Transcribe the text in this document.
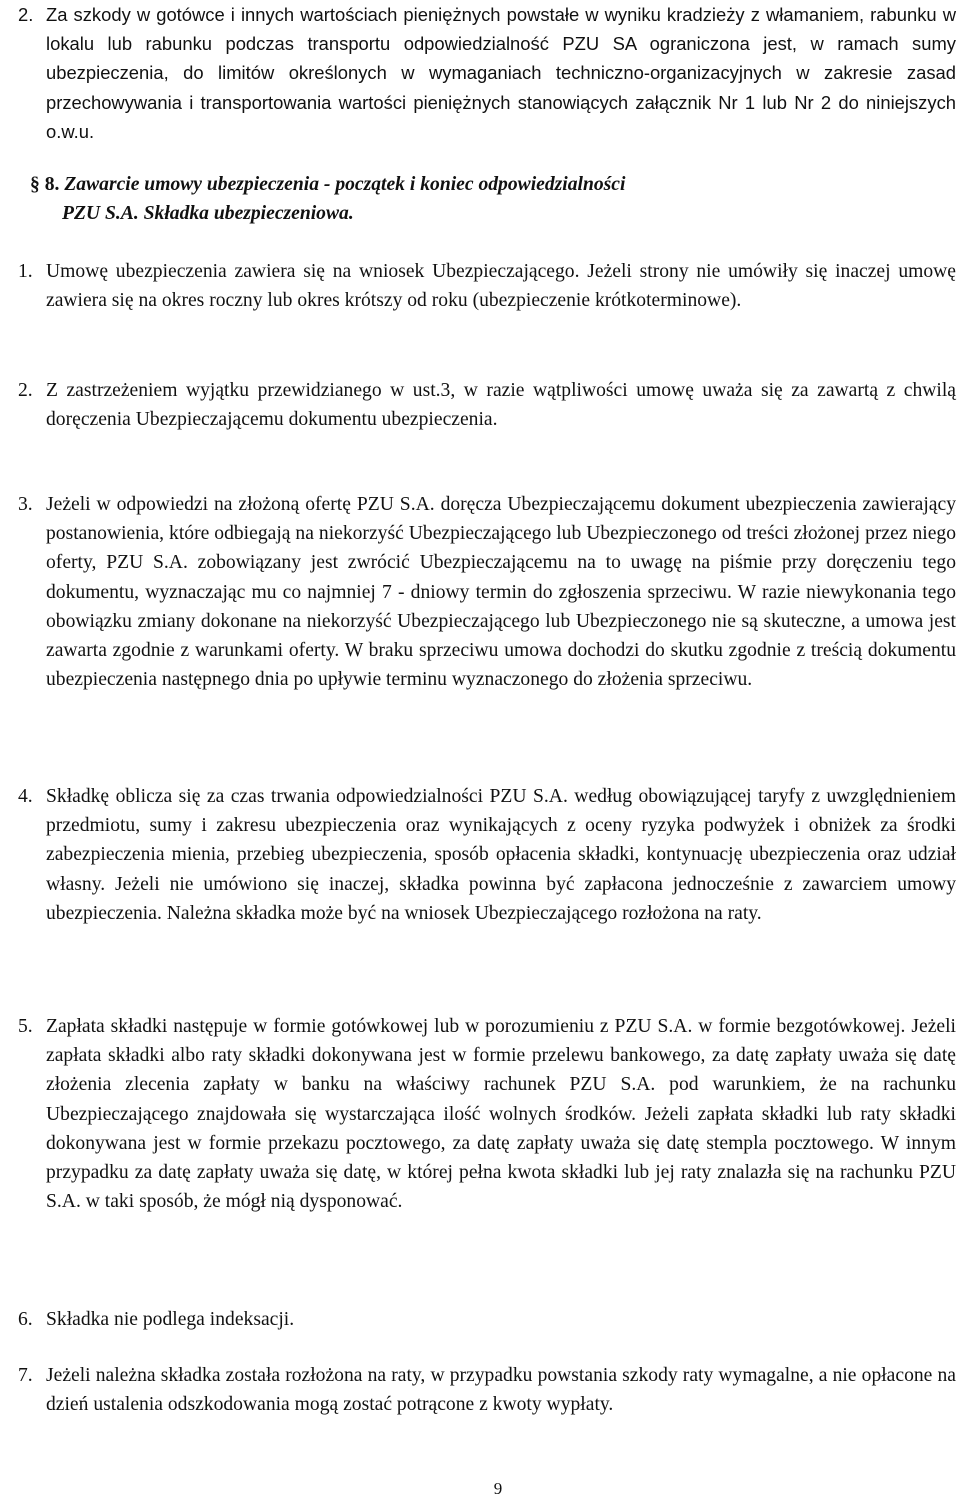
2. Za szkody w gotówce i innych wartościach pieniężnych powstałe w wyniku kradzieży z włamaniem, rabunku w lokalu lub rabunku podczas transportu odpowiedzialność PZU SA ograniczona jest, w ramach sumy ubezpieczenia, do limitów określonych w wymaganiach techniczno-organizacyjnych w zakresie zasad przechowywania i transportowania wartości pieniężnych stanowiących załącznik Nr 1 lub Nr 2 do niniejszych o.w.u.
§ 8. Zawarcie umowy ubezpieczenia - początek i koniec odpowiedzialności
PZU S.A. Składka ubezpieczeniowa.
1. Umowę ubezpieczenia zawiera się na wniosek Ubezpieczającego. Jeżeli strony nie umówiły się inaczej umowę zawiera się na okres roczny lub okres krótszy od roku (ubezpieczenie krótkoterminowe).
2. Z zastrzeżeniem wyjątku przewidzianego w ust.3, w razie wątpliwości umowę uważa się za zawartą z chwilą doręczenia Ubezpieczającemu dokumentu ubezpieczenia.
3. Jeżeli w odpowiedzi na złożoną ofertę PZU S.A. doręcza Ubezpieczającemu dokument ubezpieczenia zawierający postanowienia, które odbiegają na niekorzyść Ubezpieczającego lub Ubezpieczonego od treści złożonej przez niego oferty, PZU S.A. zobowiązany jest zwrócić Ubezpieczającemu na to uwagę na piśmie przy doręczeniu tego dokumentu, wyznaczając mu co najmniej 7 - dniowy termin do zgłoszenia sprzeciwu. W razie niewykonania tego obowiązku zmiany dokonane na niekorzyść Ubezpieczającego lub Ubezpieczonego nie są skuteczne, a umowa jest zawarta zgodnie z warunkami oferty. W braku sprzeciwu umowa dochodzi do skutku zgodnie z treścią dokumentu ubezpieczenia następnego dnia po upływie terminu wyznaczonego do złożenia sprzeciwu.
4. Składkę oblicza się za czas trwania odpowiedzialności PZU S.A. według obowiązującej taryfy z uwzględnieniem przedmiotu, sumy i zakresu ubezpieczenia oraz wynikających z oceny ryzyka podwyżek i obniżek za środki zabezpieczenia mienia, przebieg ubezpieczenia, sposób opłacenia składki, kontynuację ubezpieczenia oraz udział własny. Jeżeli nie umówiono się inaczej, składka powinna być zapłacona jednocześnie z zawarciem umowy ubezpieczenia. Należna składka może być na wniosek Ubezpieczającego rozłożona na raty.
5. Zapłata składki następuje w formie gotówkowej lub w porozumieniu z PZU S.A. w formie bezgotówkowej. Jeżeli zapłata składki albo raty składki dokonywana jest w formie przelewu bankowego, za datę zapłaty uważa się datę złożenia zlecenia zapłaty w banku na właściwy rachunek PZU S.A. pod warunkiem, że na rachunku Ubezpieczającego znajdowała się wystarczająca ilość wolnych środków. Jeżeli zapłata składki lub raty składki dokonywana jest w formie przekazu pocztowego, za datę zapłaty uważa się datę stempla pocztowego. W innym przypadku za datę zapłaty uważa się datę, w której pełna kwota składki lub jej raty znalazła się na rachunku PZU S.A. w taki sposób, że mógł nią dysponować.
6. Składka nie podlega indeksacji.
7. Jeżeli należna składka została rozłożona na raty, w przypadku powstania szkody raty wymagalne, a nie opłacone na dzień ustalenia odszkodowania mogą zostać potrącone z kwoty wypłaty.
9
